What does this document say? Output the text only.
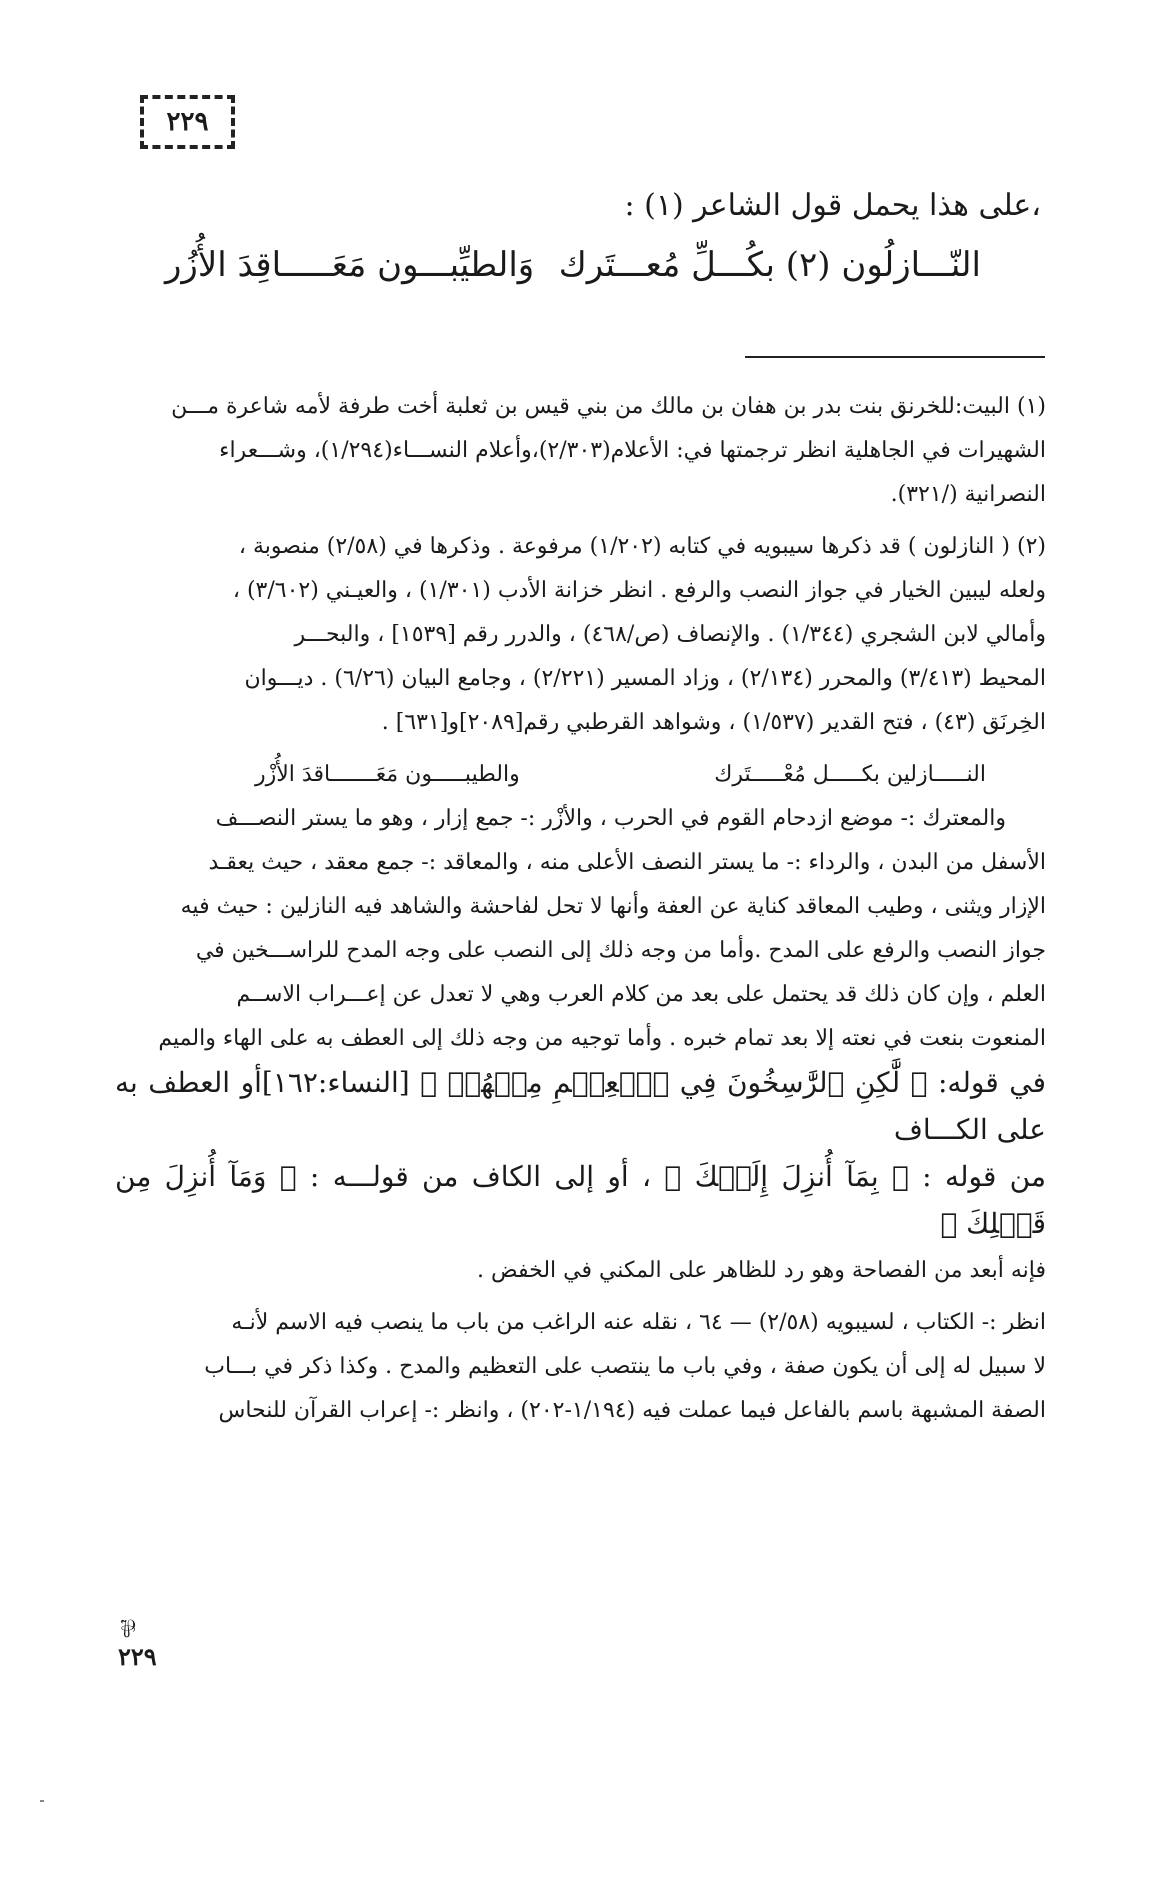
٢٢٩
،على هذا يحمل قول الشاعر (١) :
النّـــازلُون (٢) بكُـــلِّ مُعـــتَرك
وَالطيِّبـــون مَعَـــــاقِدَ الأُزُر

(١) البيت:للخرنق بنت بدر بن هفان بن مالك من بني قيس بن ثعلبة أخت طرفة لأمه شاعرة مـــن
الشهيرات في الجاهلية انظر ترجمتها في: الأعلام(٢/٣٠٣)،وأعلام النســـاء(١/٢٩٤)، وشـــعراء
النصرانية (/٣٢١).

(٢) ( النازلون ) قد ذكرها سيبويه في كتابه (١/٢٠٢) مرفوعة . وذكرها في (٢/٥٨) منصوبة ،
ولعله ليبين الخيار في جواز النصب والرفع . انظر خزانة الأدب (١/٣٠١) ، والعيـني (٣/٦٠٢) ،
وأمالي لابن الشجري (١/٣٤٤) . والإنصاف (ص/٤٦٨) ، والدرر رقم [١٥٣٩] ، والبحـــر
المحيط (٣/٤١٣) والمحرر (٢/١٣٤) ، وزاد المسير (٢/٢٢١) ، وجامع البيان (٦/٢٦) . ديـــوان
الخِرنَق (٤٣) ، فتح القدير (١/٥٣٧) ، وشواهد القرطبي رقم[٢٠٨٩]و[٦٣١] .

النـــــازلين بكـــــل مُعْـــــتَرك
والطيبـــــون مَعَـــــــاقدَ الأُزْر

والمعترك :- موضع ازدحام القوم في الحرب ، والأزْر :- جمع إزار ، وهو ما يستر النصـــف
الأسفل من البدن ، والرداء :- ما يستر النصف الأعلى منه ، والمعاقد :- جمع معقد ، حيث يعقـد
الإزار ويثنى ، وطيب المعاقد كناية عن العفة وأنها لا تحل لفاحشة والشاهد فيه النازلين : حيث فيه
جواز النصب والرفع على المدح .وأما من وجه ذلك إلى النصب على وجه المدح للراســـخين في
العلم ، وإن كان ذلك قد يحتمل على بعد من كلام العرب وهي لا تعدل عن إعـــراب الاســم
المنعوت بنعت في نعته إلا بعد تمام خبره . وأما توجيه من وجه ذلك إلى العطف به على الهاء والميم
في قوله: ﴿ لَّٰكِنِ ٱلرَّٰسِخُونَ فِي ٱلۡعِلۡمِ مِنۡهُمۡ ﴾ [النساء:١٦٢]أو العطف به على الكـــاف
من قوله : ﴿ بِمَآ أُنزِلَ إِلَيۡكَ ﴾ ، أو إلى الكاف من قولـــه : ﴿ وَمَآ أُنزِلَ مِن قَبۡلِكَ ﴾
فإنه أبعد من الفصاحة وهو رد للظاهر على المكني في الخفض .

انظر :- الكتاب ، لسيبويه (٢/٥٨) — ٦٤ ، نقله عنه الراغب من باب ما ينصب فيه الاسم لأنـه
لا سبيل له إلى أن يكون صفة ، وفي باب ما ينتصب على التعظيم والمدح . وكذا ذكر في بـــاب
الصفة المشبهة باسم بالفاعل فيما عملت فيه (١/١٩٤-٢٠٢) ، وانظر :- إعراب القرآن للنحاس

⅌
٢٢٩
